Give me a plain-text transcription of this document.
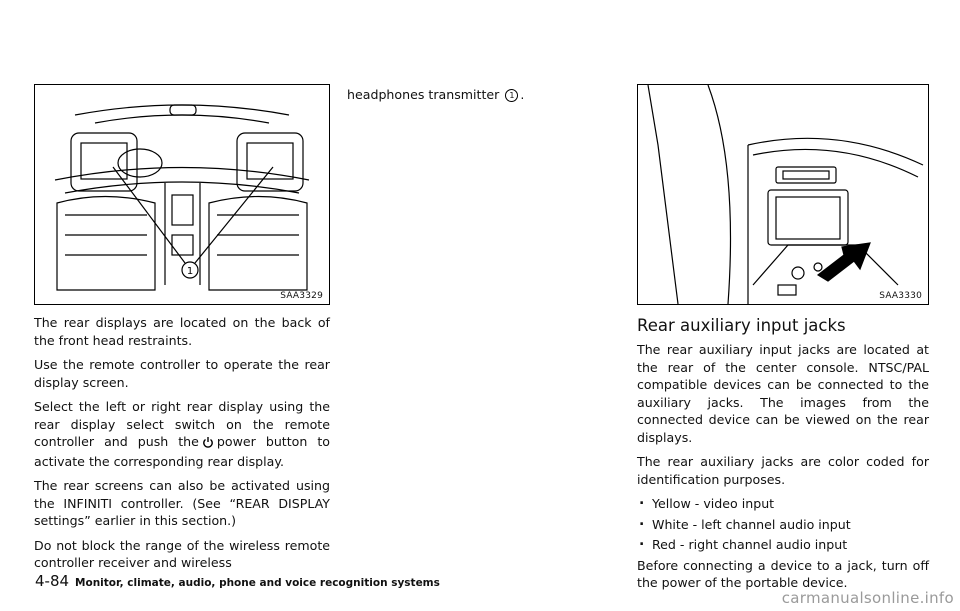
1
SAA3329

The rear displays are located on the back of the front head restraints.

Use the remote controller to operate the rear display screen.

Select the left or right rear display using the rear display select switch on the remote controller and push the power button to activate the corresponding rear display.

The rear screens can also be activated using the INFINITI controller. (See “REAR DISPLAY settings” earlier in this section.)

Do not block the range of the wireless remote controller receiver and wireless

headphones transmitter 1 .

SAA3330
Rear auxiliary input jacks

The rear auxiliary input jacks are located at the rear of the center console. NTSC/PAL compatible devices can be connected to the auxiliary jacks. The images from the connected device can be viewed on the rear displays.

The rear auxiliary jacks are color coded for identification purposes.

. Yellow - video input
. White - left channel audio input
. Red - right channel audio input

Before connecting a device to a jack, turn off the power of the portable device.

4-84 Monitor, climate, audio, phone and voice recognition systems
carmanualsonline.info
